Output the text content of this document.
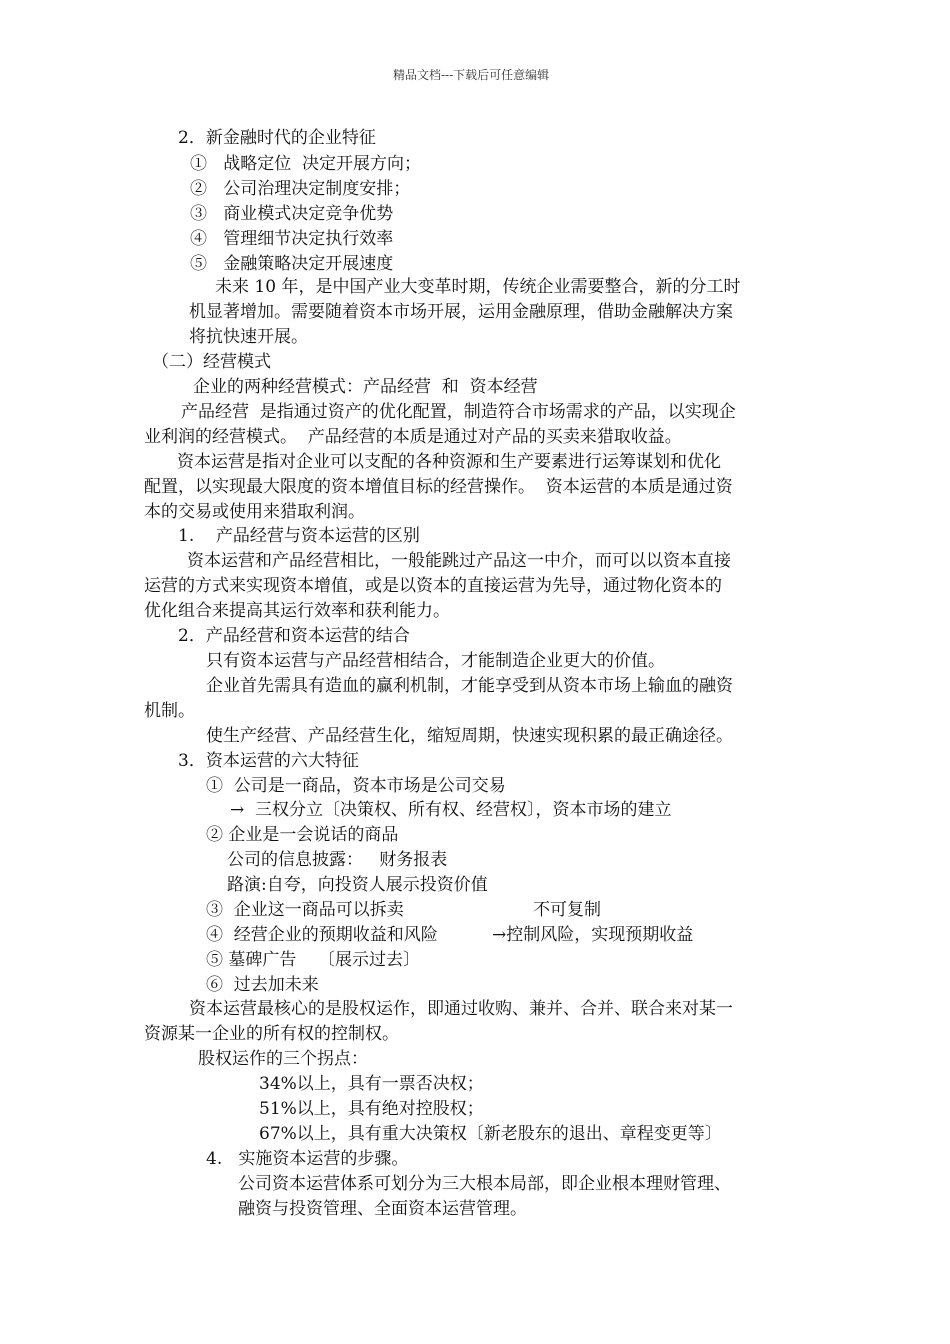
精品文档---下载后可任意编辑
2．新金融时代的企业特征
①   战略定位  决定开展方向；
②   公司治理决定制度安排；
③   商业模式决定竞争优势
④   管理细节决定执行效率
⑤   金融策略决定开展速度
未来 10 年，是中国产业大变革时期，传统企业需要整合，新的分工时
机显著增加。需要随着资本市场开展，运用金融原理，借助金融解决方案
将抗快速开展。
（二）经营模式
企业的两种经营模式：产品经营  和  资本经营
产品经营  是指通过资产的优化配置，制造符合市场需求的产品，以实现企
业利润的经营模式。  产品经营的本质是通过对产品的买卖来猎取收益。
资本运营是指对企业可以支配的各种资源和生产要素进行运筹谋划和优化
配置，以实现最大限度的资本增值目标的经营操作。  资本运营的本质是通过资
本的交易或使用来猎取利润。
1.    产品经营与资本运营的区别
资本运营和产品经营相比，一般能跳过产品这一中介，而可以以资本直接
运营的方式来实现资本增值，或是以资本的直接运营为先导，通过物化资本的
优化组合来提高其运行效率和获利能力。
2．产品经营和资本运营的结合
只有资本运营与产品经营相结合，才能制造企业更大的价值。
企业首先需具有造血的赢利机制，才能享受到从资本市场上输血的融资
机制。
使生产经营、产品经营生化，缩短周期，快速实现积累的最正确途径。
3．资本运营的六大特征
①  公司是一商品，资本市场是公司交易
→  三权分立〔决策权、所有权、经营权〕，资本市场的建立
② 企业是一会说话的商品
公司的信息披露：   财务报表
路演:自夸，向投资人展示投资价值
③  企业这一商品可以拆卖	不可复制
④  经营企业的预期收益和风险	→控制风险，实现预期收益
⑤ 墓碑广告    〔展示过去〕
⑥  过去加未来
资本运营最核心的是股权运作，即通过收购、兼并、合并、联合来对某一
资源某一企业的所有权的控制权。
股权运作的三个拐点：
34%以上，具有一票否决权；
51%以上，具有绝对控股权；
67%以上，具有重大决策权〔新老股东的退出、章程变更等〕
4.   实施资本运营的步骤。
公司资本运营体系可划分为三大根本局部，即企业根本理财管理、
融资与投资管理、全面资本运营管理。
